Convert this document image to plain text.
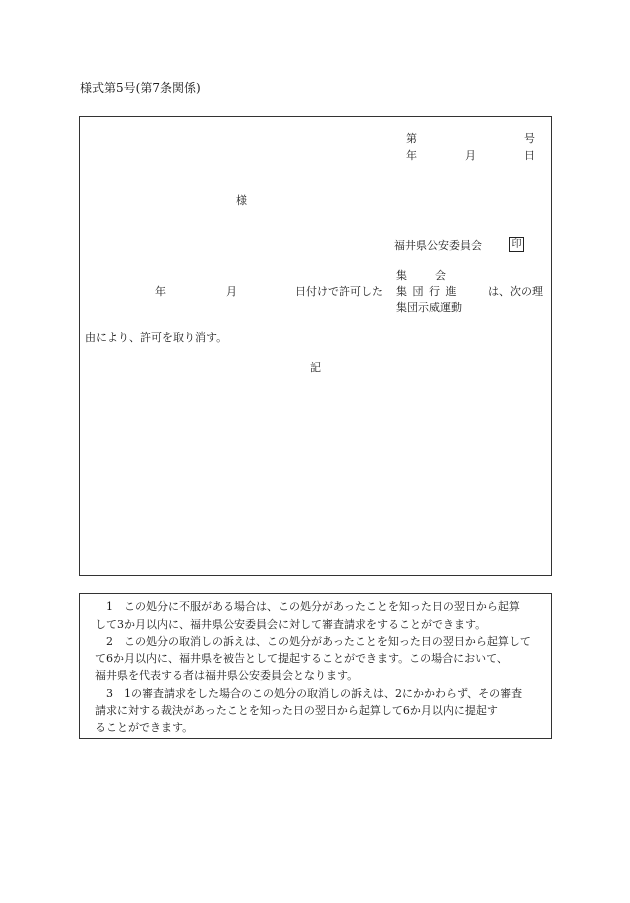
様式第5号(第7条関係)
第	号
年	月	日
様
福井県公安委員会	印
年	月	日付けで許可した
集　　会
集 団 行 進
集団示威運動
は、次の理
由により、許可を取り消す。
記
1　この処分に不服がある場合は、この処分があったことを知った日の翌日から起算
して3か月以内に、福井県公安委員会に対して審査請求をすることができます。
2　この処分の取消しの訴えは、この処分があったことを知った日の翌日から起算して
て6か月以内に、福井県を被告として提起することができます。この場合において、
福井県を代表する者は福井県公安委員会となります。
3　1の審査請求をした場合のこの処分の取消しの訴えは、2にかかわらず、その審査
請求に対する裁決があったことを知った日の翌日から起算して6か月以内に提起す
ることができます。
